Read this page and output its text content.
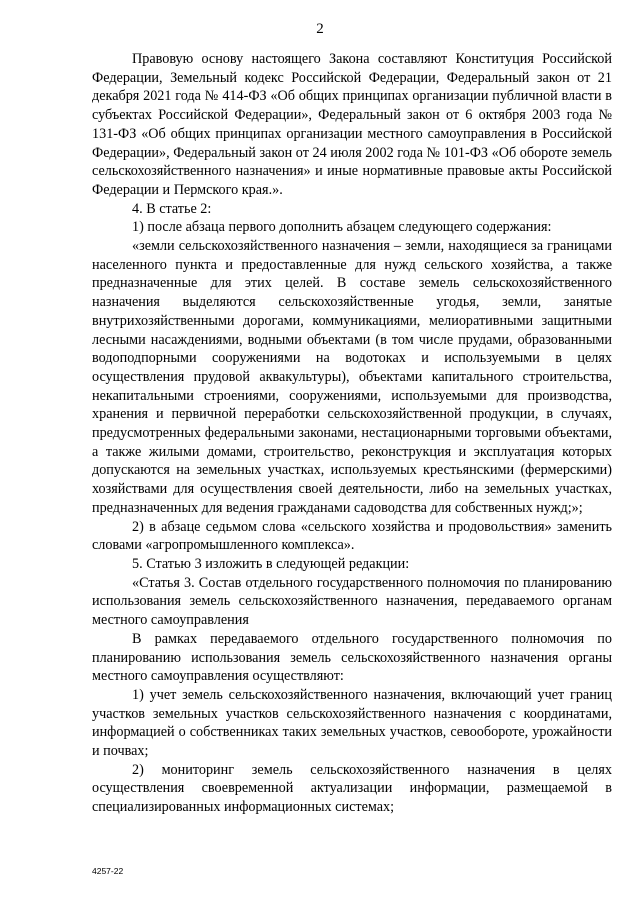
2

Правовую основу настоящего Закона составляют Конституция Российской Федерации, Земельный кодекс Российской Федерации, Федеральный закон от 21 декабря 2021 года № 414-ФЗ «Об общих принципах организации публичной власти в субъектах Российской Федерации», Федеральный закон от 6 октября 2003 года № 131-ФЗ «Об общих принципах организации местного самоуправления в Российской Федерации», Федеральный закон от 24 июля 2002 года № 101-ФЗ «Об обороте земель сельскохозяйственного назначения» и иные нормативные правовые акты Российской Федерации и Пермского края.».

4. В статье 2:

1) после абзаца первого дополнить абзацем следующего содержания:

«земли сельскохозяйственного назначения – земли, находящиеся за границами населенного пункта и предоставленные для нужд сельского хозяйства, а также предназначенные для этих целей. В составе земель сельскохозяйственного назначения выделяются сельскохозяйственные угодья, земли, занятые внутрихозяйственными дорогами, коммуникациями, мелиоративными защитными лесными насаждениями, водными объектами (в том числе прудами, образованными водоподпорными сооружениями на водотоках и используемыми в целях осуществления прудовой аквакультуры), объектами капитального строительства, некапитальными строениями, сооружениями, используемыми для производства, хранения и первичной переработки сельскохозяйственной продукции, в случаях, предусмотренных федеральными законами, нестационарными торговыми объектами, а также жилыми домами, строительство, реконструкция и эксплуатация которых допускаются на земельных участках, используемых крестьянскими (фермерскими) хозяйствами для осуществления своей деятельности, либо на земельных участках, предназначенных для ведения гражданами садоводства для собственных нужд;»;

2) в абзаце седьмом слова «сельского хозяйства и продовольствия» заменить словами «агропромышленного комплекса».

5. Статью 3 изложить в следующей редакции:

«Статья 3. Состав отдельного государственного полномочия по планированию использования земель сельскохозяйственного назначения, передаваемого органам местного самоуправления

В рамках передаваемого отдельного государственного полномочия по планированию использования земель сельскохозяйственного назначения органы местного самоуправления осуществляют:

1) учет земель сельскохозяйственного назначения, включающий учет границ участков земельных участков сельскохозяйственного назначения с координатами, информацией о собственниках таких земельных участков, севообороте, урожайности и почвах;

2) мониторинг земель сельскохозяйственного назначения в целях осуществления своевременной актуализации информации, размещаемой в специализированных информационных системах;

4257-22
